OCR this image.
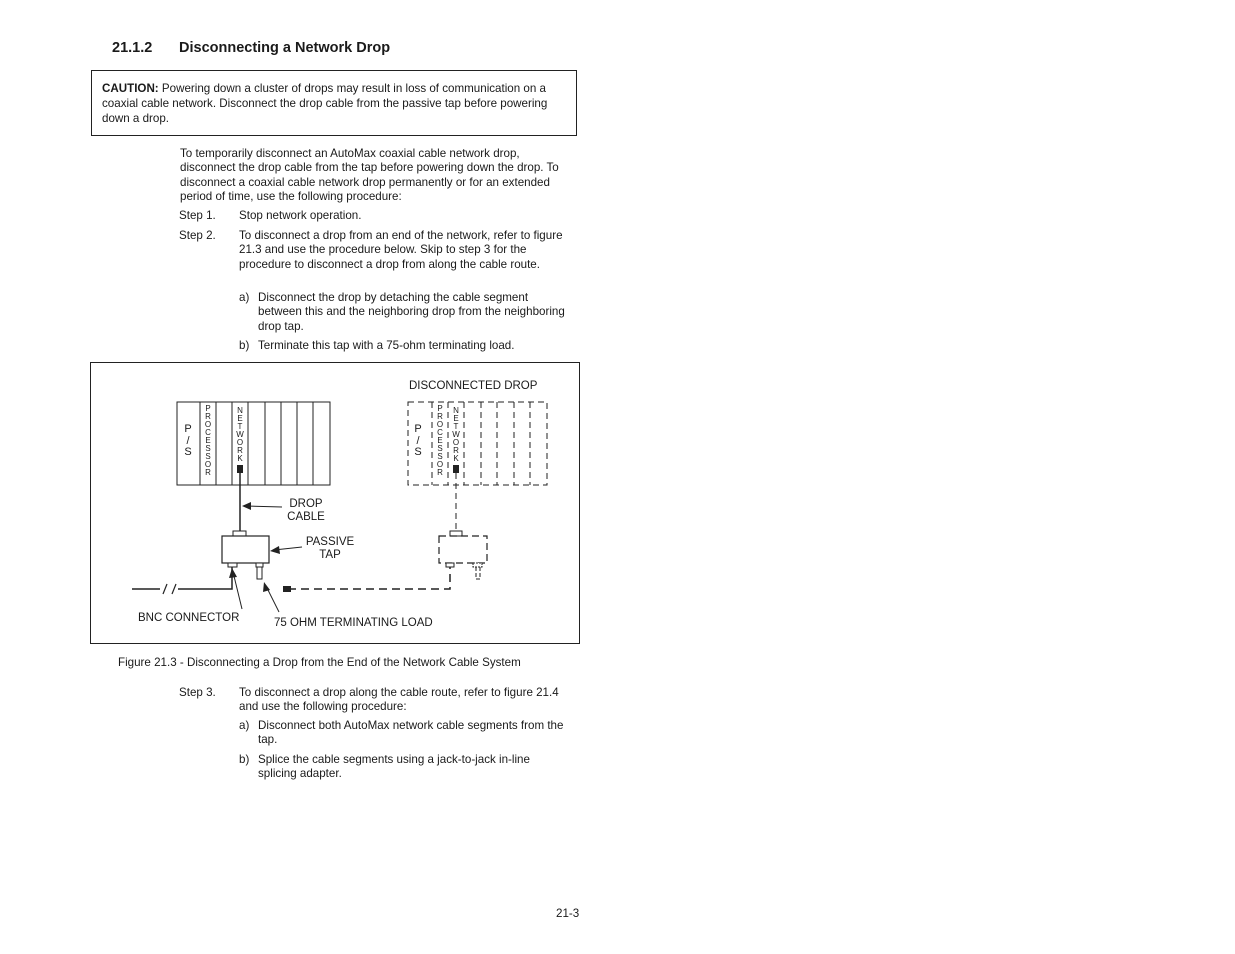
21.1.2 Disconnecting a Network Drop
CAUTION: Powering down a cluster of drops may result in loss of communication on a coaxial cable network. Disconnect the drop cable from the passive tap before powering down a drop.
To temporarily disconnect an AutoMax coaxial cable network drop, disconnect the drop cable from the tap before powering down the drop. To disconnect a coaxial cable network drop permanently or for an extended period of time, use the following procedure:
Step 1. Stop network operation.
Step 2. To disconnect a drop from an end of the network, refer to figure 21.3 and use the procedure below. Skip to step 3 for the procedure to disconnect a drop from along the cable route.
a) Disconnect the drop by detaching the cable segment between this and the neighboring drop from the neighboring drop tap.
b) Terminate this tap with a 75-ohm terminating load.
P
/
S
P
R
O
C
E
S
S
O
R
N
E
T
W
O
R
K
P
/
S
P
R
O
C
E
S
S
O
R
N
E
T
W
O
R
K
DISCONNECTED DROP
DROP
CABLE
PASSIVE
TAP
BNC CONNECTOR	75 OHM TERMINATING LOAD
Figure 21.3 - Disconnecting a Drop from the End of the Network Cable System
Step 3. To disconnect a drop along the cable route, refer to figure 21.4 and use the following procedure:
a) Disconnect both AutoMax network cable segments from the tap.
b) Splice the cable segments using a jack-to-jack in-line splicing adapter.
21-3
